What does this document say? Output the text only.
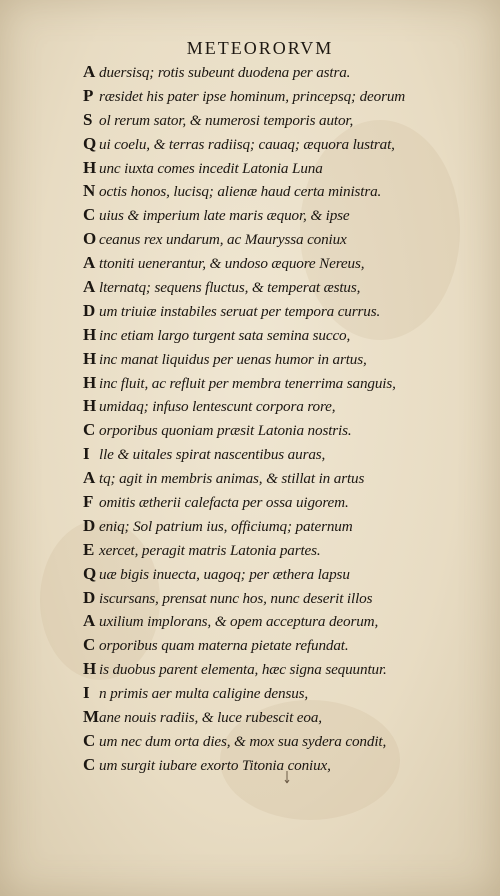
METEORORVM
A duersisq; rotis subeunt duodena per astra.
P ræsidet his pater ipse hominum, princepsq; deorum
S ol rerum sator, & numerosi temporis autor,
Q ui coelu, & terras radiisq; cauaq; æquora lustrat,
H unc iuxta comes incedit Latonia Luna
N octis honos, lucisq; alienæ haud certa ministra.
C uius & imperium late maris æquor, & ipse
O ceanus rex undarum, ac Mauryssa coniux
A ttoniti uenerantur, & undoso æquore Nereus,
A lternatq; sequens fluctus, & temperat æstus,
D um triuiæ instabiles seruat per tempora currus.
H inc etiam largo turgent sata semina succo,
H inc manat liquidus per uenas humor in artus,
H inc fluit, ac refluit per membra tenerrima sanguis,
H umidaq; infuso lentescunt corpora rore,
C orporibus quoniam præsit Latonia nostris.
I lle & uitales spirat nascentibus auras,
A tq; agit in membris animas, & stillat in artus
F omitis ætherii calefacta per ossa uigorem.
D eniq; Sol patrium ius, officiumq; paternum
E xercet, peragit matris Latonia partes.
Q uæ bigis inuecta, uagoq; per æthera lapsu
D iscursans, prensat nunc hos, nunc deserit illos
A uxilium implorans, & opem acceptura deorum,
C orporibus quam materna pietate refundat.
H is duobus parent elementa, hæc signa sequuntur.
I n primis aer multa caligine densus,
Mane nouis radiis, & luce rubescit eoa,
C um nec dum orta dies, & mox sua sydera condit,
C um surgit iubare exorto Titonia coniux,
